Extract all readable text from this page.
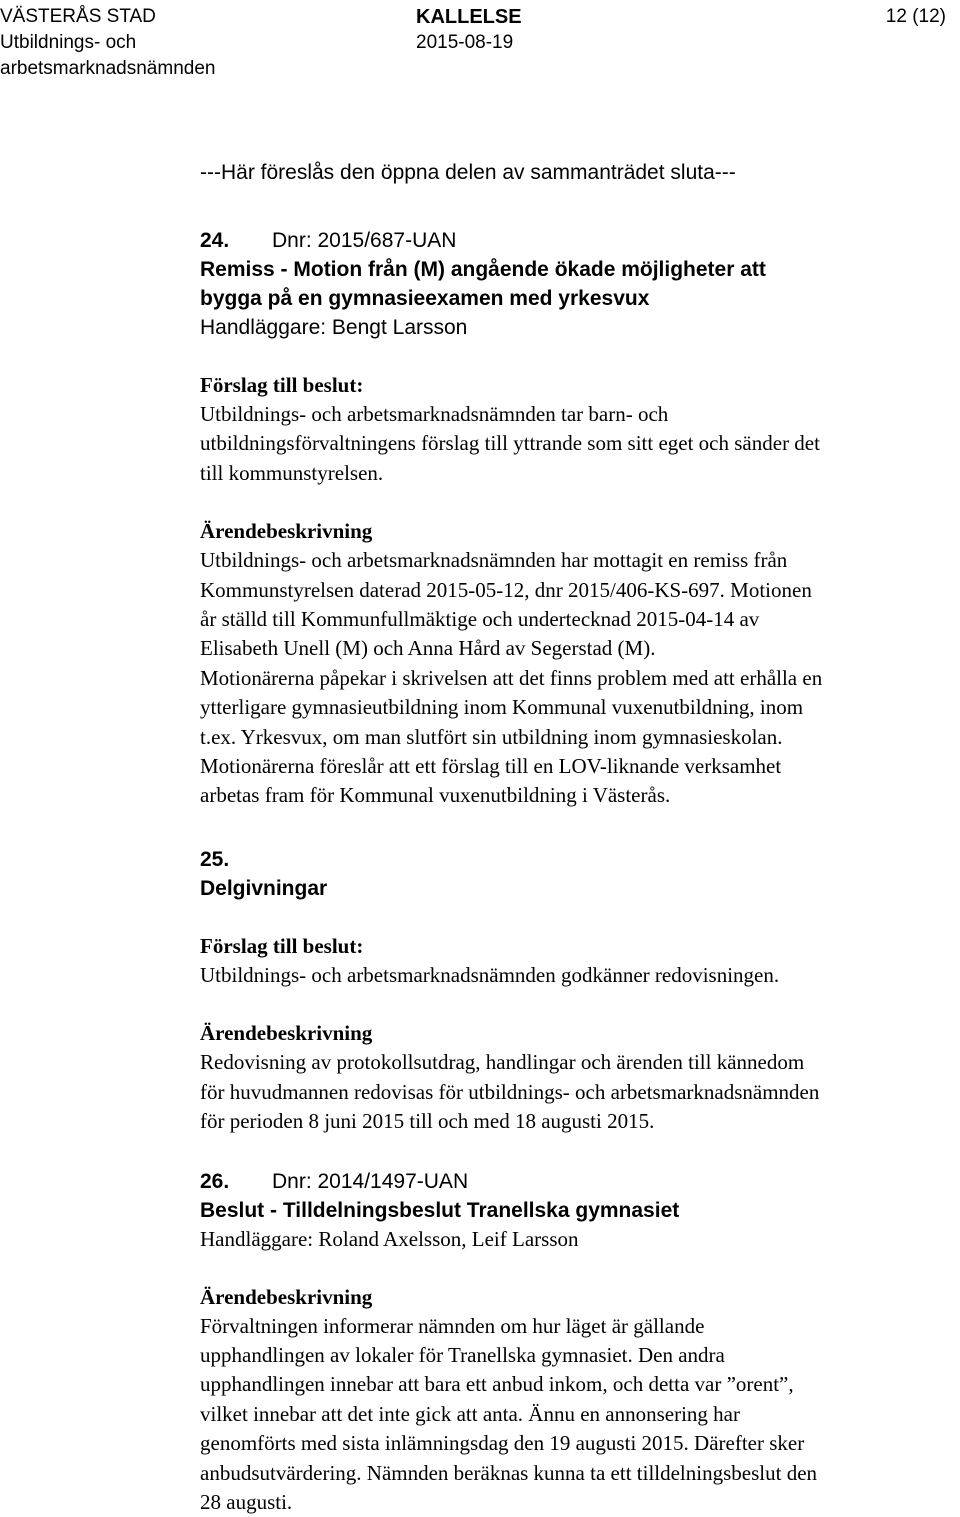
VÄSTERÅS STAD
Utbildnings- och
arbetsmarknadsnämnden
KALLELSE
2015-08-19
12 (12)
---Här föreslås den öppna delen av sammanträdet sluta---
24. Dnr: 2015/687-UAN
Remiss - Motion från (M) angående ökade möjligheter att
bygga på en gymnasieexamen med yrkesvux
Handläggare: Bengt Larsson
Förslag till beslut:
Utbildnings- och arbetsmarknadsnämnden tar barn- och
utbildningsförvaltningens förslag till yttrande som sitt eget och sänder det
till kommunstyrelsen.
Ärendebeskrivning
Utbildnings- och arbetsmarknadsnämnden har mottagit en remiss från
Kommunstyrelsen daterad 2015-05-12, dnr 2015/406-KS-697. Motionen
år ställd till Kommunfullmäktige och undertecknad 2015-04-14 av
Elisabeth Unell (M) och Anna Hård av Segerstad (M).
Motionärerna påpekar i skrivelsen att det finns problem med att erhålla en
ytterligare gymnasieutbildning inom Kommunal vuxenutbildning, inom
t.ex. Yrkesvux, om man slutfört sin utbildning inom gymnasieskolan.
Motionärerna föreslår att ett förslag till en LOV-liknande verksamhet
arbetas fram för Kommunal vuxenutbildning i Västerås.
25.
Delgivningar
Förslag till beslut:
Utbildnings- och arbetsmarknadsnämnden godkänner redovisningen.
Ärendebeskrivning
Redovisning av protokollsutdrag, handlingar och ärenden till kännedom
för huvudmannen redovisas för utbildnings- och arbetsmarknadsnämnden
för perioden 8 juni 2015 till och med 18 augusti 2015.
26. Dnr: 2014/1497-UAN
Beslut - Tilldelningsbeslut Tranellska gymnasiet
Handläggare: Roland Axelsson, Leif Larsson
Ärendebeskrivning
Förvaltningen informerar nämnden om hur läget är gällande
upphandlingen av lokaler för Tranellska gymnasiet. Den andra
upphandlingen innebar att bara ett anbud inkom, och detta var ”orent”,
vilket innebar att det inte gick att anta. Ännu en annonsering har
genomförts med sista inlämningsdag den 19 augusti 2015. Därefter sker
anbudsutvärdering. Nämnden beräknas kunna ta ett tilldelningsbeslut den
28 augusti.
